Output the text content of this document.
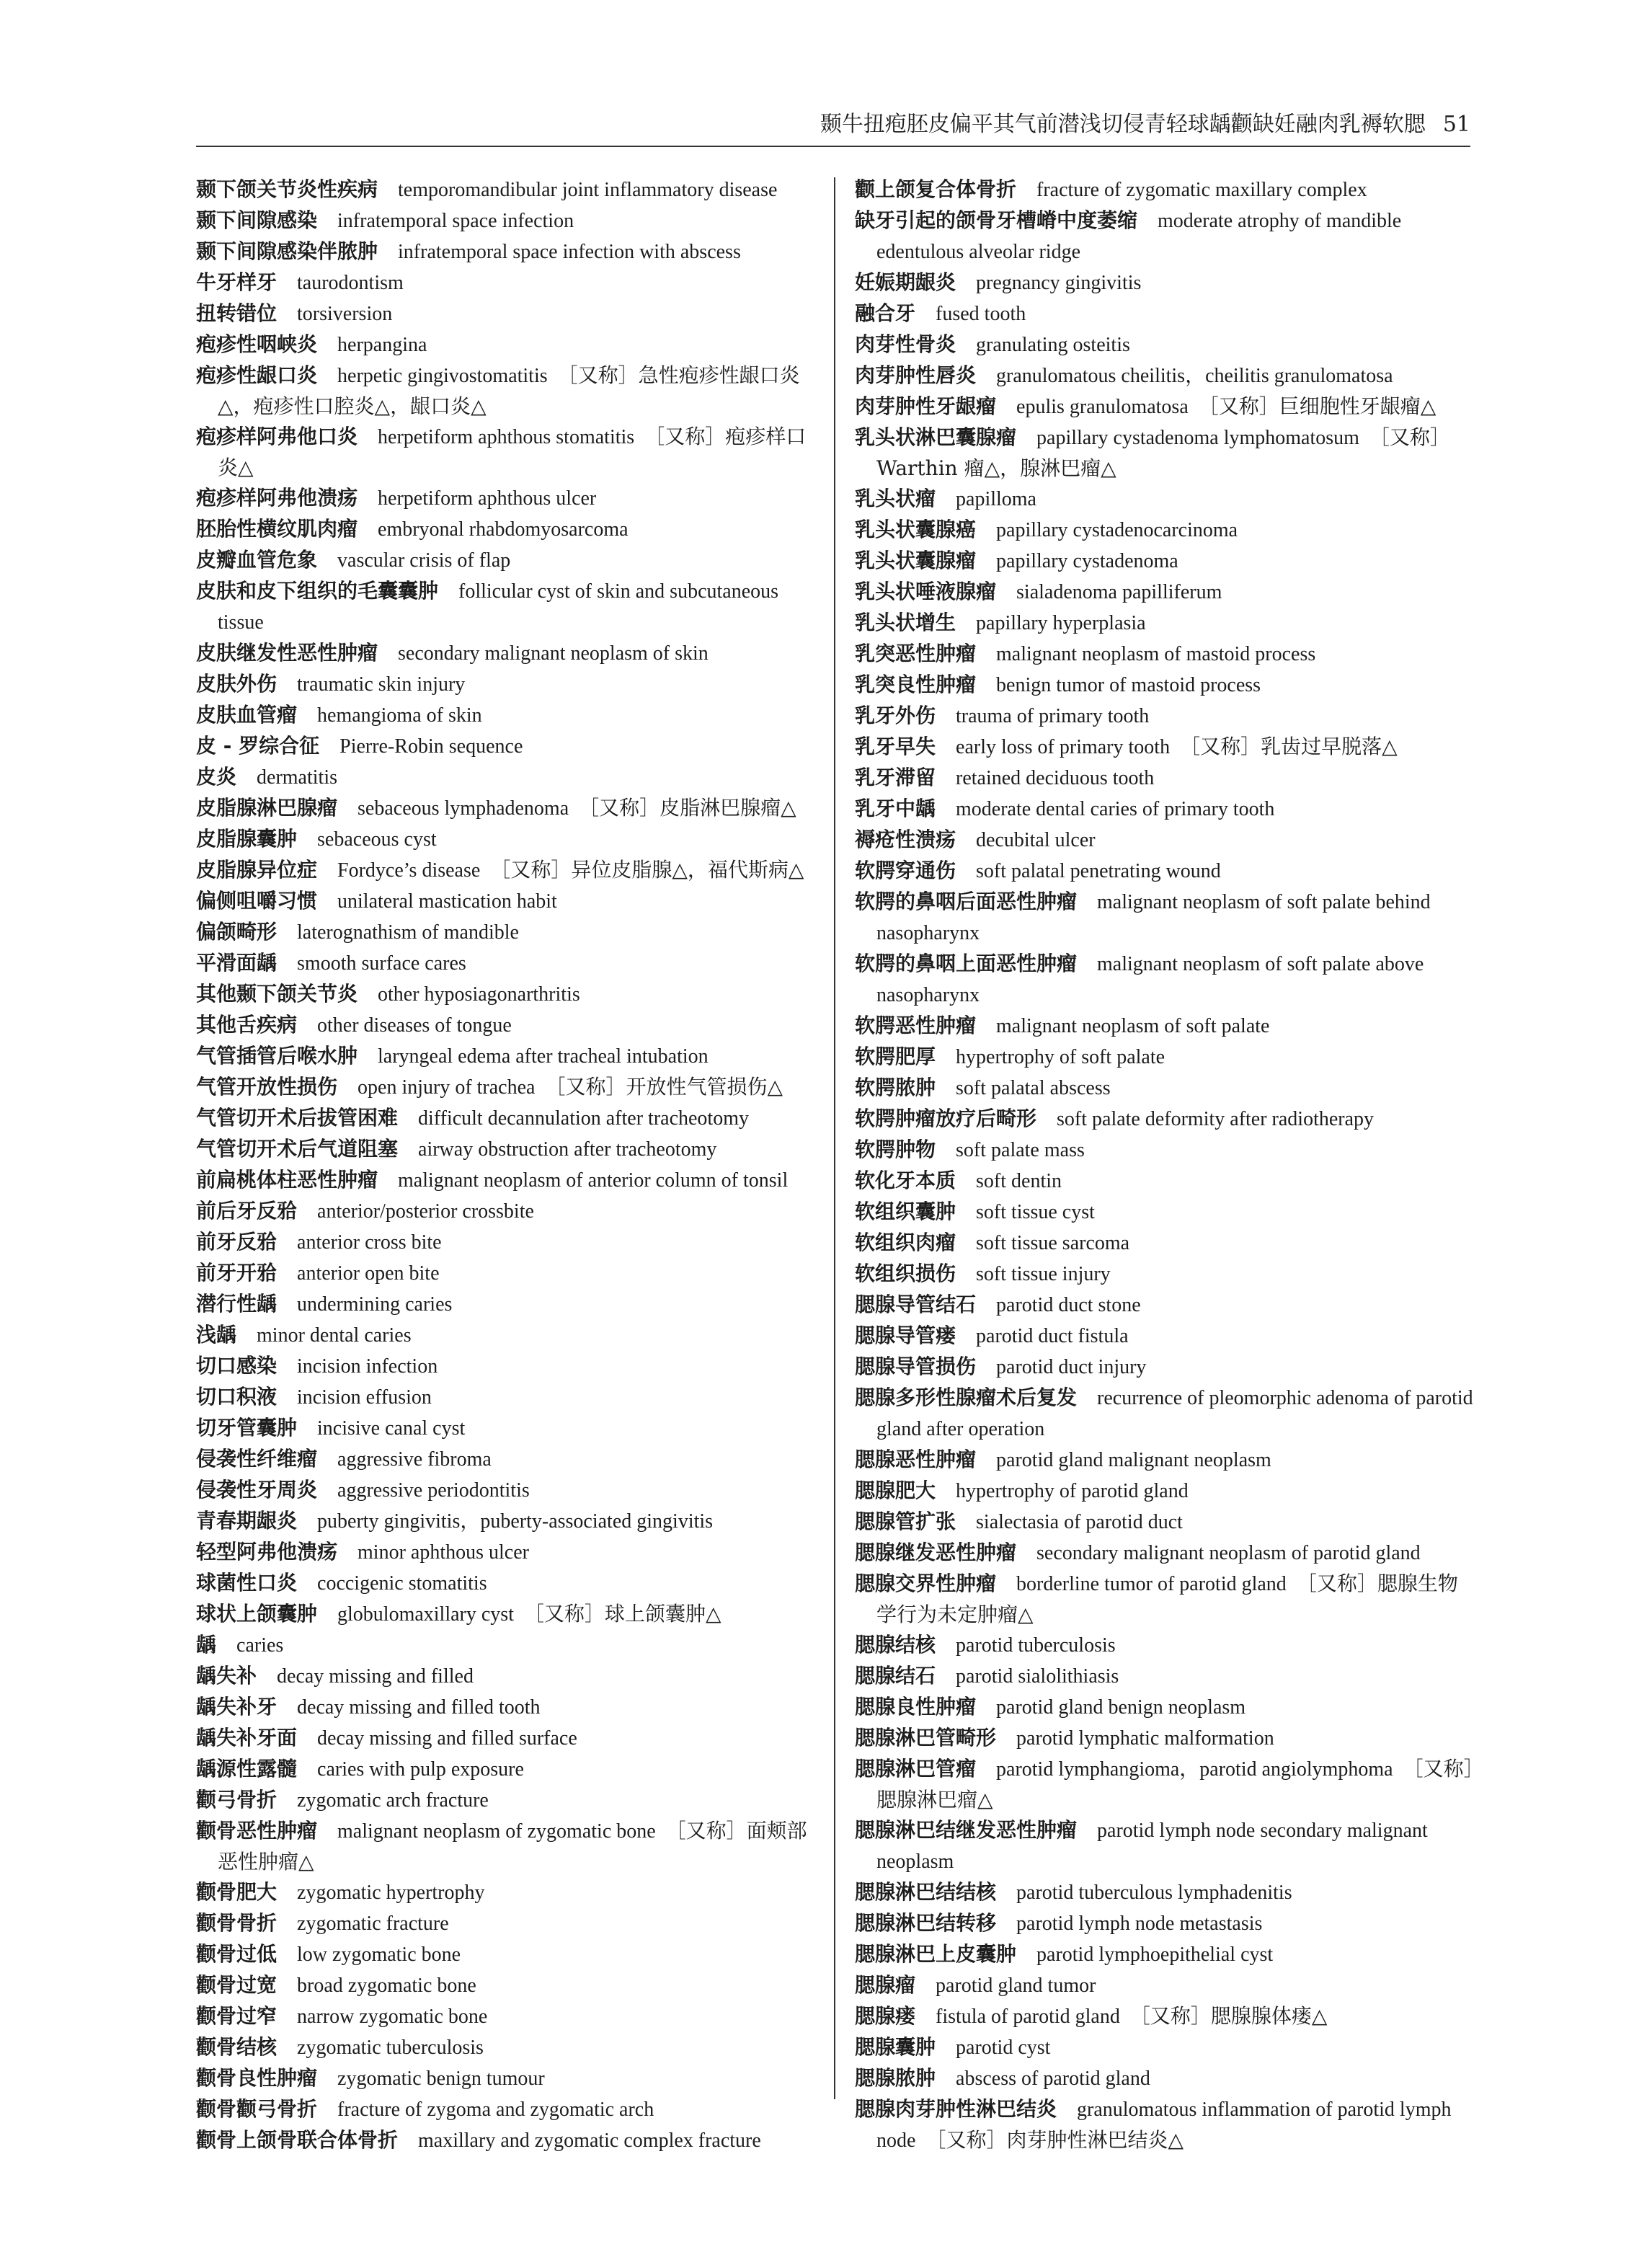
颞牛扭疱胚皮偏平其气前潜浅切侵青轻球龋颧缺妊融肉乳褥软腮 51
颞下颌关节炎性疾病 temporomandibular joint inflammatory disease
颞下间隙感染 infratemporal space infection
颞下间隙感染伴脓肿 infratemporal space infection with abscess
牛牙样牙 taurodontism
扭转错位 torsiversion
疱疹性咽峡炎 herpangina
疱疹性龈口炎 herpetic gingivostomatitis ［又称］急性疱疹性龈口炎△，疱疹性口腔炎△，龈口炎△
疱疹样阿弗他口炎 herpetiform aphthous stomatitis ［又称］疱疹样口炎△
疱疹样阿弗他溃疡 herpetiform aphthous ulcer
胚胎性横纹肌肉瘤 embryonal rhabdomyosarcoma
皮瓣血管危象 vascular crisis of flap
皮肤和皮下组织的毛囊囊肿 follicular cyst of skin and subcutaneous tissue
皮肤继发性恶性肿瘤 secondary malignant neoplasm of skin
皮肤外伤 traumatic skin injury
皮肤血管瘤 hemangioma of skin
皮 - 罗综合征 Pierre-Robin sequence
皮炎 dermatitis
皮脂腺淋巴腺瘤 sebaceous lymphadenoma ［又称］皮脂淋巴腺瘤△
皮脂腺囊肿 sebaceous cyst
皮脂腺异位症 Fordyce’s disease ［又称］异位皮脂腺△，福代斯病△
偏侧咀嚼习惯 unilateral mastication habit
偏颌畸形 laterognathism of mandible
平滑面龋 smooth surface cares
其他颞下颌关节炎 other hyposiagonarthritis
其他舌疾病 other diseases of tongue
气管插管后喉水肿 laryngeal edema after tracheal intubation
气管开放性损伤 open injury of trachea ［又称］开放性气管损伤△
气管切开术后拔管困难 difficult decannulation after tracheotomy
气管切开术后气道阻塞 airway obstruction after tracheotomy
前扁桃体柱恶性肿瘤 malignant neoplasm of anterior column of tonsil
前后牙反𬌗 anterior/posterior crossbite
前牙反𬌗 anterior cross bite
前牙开𬌗 anterior open bite
潜行性龋 undermining caries
浅龋 minor dental caries
切口感染 incision infection
切口积液 incision effusion
切牙管囊肿 incisive canal cyst
侵袭性纤维瘤 aggressive fibroma
侵袭性牙周炎 aggressive periodontitis
青春期龈炎 puberty gingivitis，puberty-associated gingivitis
轻型阿弗他溃疡 minor aphthous ulcer
球菌性口炎 coccigenic stomatitis
球状上颌囊肿 globulomaxillary cyst ［又称］球上颌囊肿△
龋 caries
龋失补 decay missing and filled
龋失补牙 decay missing and filled tooth
龋失补牙面 decay missing and filled surface
龋源性露髓 caries with pulp exposure
颧弓骨折 zygomatic arch fracture
颧骨恶性肿瘤 malignant neoplasm of zygomatic bone ［又称］面颊部恶性肿瘤△
颧骨肥大 zygomatic hypertrophy
颧骨骨折 zygomatic fracture
颧骨过低 low zygomatic bone
颧骨过宽 broad zygomatic bone
颧骨过窄 narrow zygomatic bone
颧骨结核 zygomatic tuberculosis
颧骨良性肿瘤 zygomatic benign tumour
颧骨颧弓骨折 fracture of zygoma and zygomatic arch
颧骨上颌骨联合体骨折 maxillary and zygomatic complex fracture
颧上颌复合体骨折 fracture of zygomatic maxillary complex
缺牙引起的颌骨牙槽嵴中度萎缩 moderate atrophy of mandible edentulous alveolar ridge
妊娠期龈炎 pregnancy gingivitis
融合牙 fused tooth
肉芽性骨炎 granulating osteitis
肉芽肿性唇炎 granulomatous cheilitis，cheilitis granulomatosa
肉芽肿性牙龈瘤 epulis granulomatosa ［又称］巨细胞性牙龈瘤△
乳头状淋巴囊腺瘤 papillary cystadenoma lymphomatosum ［又称］Warthin 瘤△，腺淋巴瘤△
乳头状瘤 papilloma
乳头状囊腺癌 papillary cystadenocarcinoma
乳头状囊腺瘤 papillary cystadenoma
乳头状唾液腺瘤 sialadenoma papilliferum
乳头状增生 papillary hyperplasia
乳突恶性肿瘤 malignant neoplasm of mastoid process
乳突良性肿瘤 benign tumor of mastoid process
乳牙外伤 trauma of primary tooth
乳牙早失 early loss of primary tooth ［又称］乳齿过早脱落△
乳牙滞留 retained deciduous tooth
乳牙中龋 moderate dental caries of primary tooth
褥疮性溃疡 decubital ulcer
软腭穿通伤 soft palatal penetrating wound
软腭的鼻咽后面恶性肿瘤 malignant neoplasm of soft palate behind nasopharynx
软腭的鼻咽上面恶性肿瘤 malignant neoplasm of soft palate above nasopharynx
软腭恶性肿瘤 malignant neoplasm of soft palate
软腭肥厚 hypertrophy of soft palate
软腭脓肿 soft palatal abscess
软腭肿瘤放疗后畸形 soft palate deformity after radiotherapy
软腭肿物 soft palate mass
软化牙本质 soft dentin
软组织囊肿 soft tissue cyst
软组织肉瘤 soft tissue sarcoma
软组织损伤 soft tissue injury
腮腺导管结石 parotid duct stone
腮腺导管瘘 parotid duct fistula
腮腺导管损伤 parotid duct injury
腮腺多形性腺瘤术后复发 recurrence of pleomorphic adenoma of parotid gland after operation
腮腺恶性肿瘤 parotid gland malignant neoplasm
腮腺肥大 hypertrophy of parotid gland
腮腺管扩张 sialectasia of parotid duct
腮腺继发恶性肿瘤 secondary malignant neoplasm of parotid gland
腮腺交界性肿瘤 borderline tumor of parotid gland ［又称］腮腺生物学行为未定肿瘤△
腮腺结核 parotid tuberculosis
腮腺结石 parotid sialolithiasis
腮腺良性肿瘤 parotid gland benign neoplasm
腮腺淋巴管畸形 parotid lymphatic malformation
腮腺淋巴管瘤 parotid lymphangioma，parotid angiolymphoma ［又称］腮腺淋巴瘤△
腮腺淋巴结继发恶性肿瘤 parotid lymph node secondary malignant neoplasm
腮腺淋巴结结核 parotid tuberculous lymphadenitis
腮腺淋巴结转移 parotid lymph node metastasis
腮腺淋巴上皮囊肿 parotid lymphoepithelial cyst
腮腺瘤 parotid gland tumor
腮腺瘘 fistula of parotid gland ［又称］腮腺腺体瘘△
腮腺囊肿 parotid cyst
腮腺脓肿 abscess of parotid gland
腮腺肉芽肿性淋巴结炎 granulomatous inflammation of parotid lymph node ［又称］肉芽肿性淋巴结炎△
